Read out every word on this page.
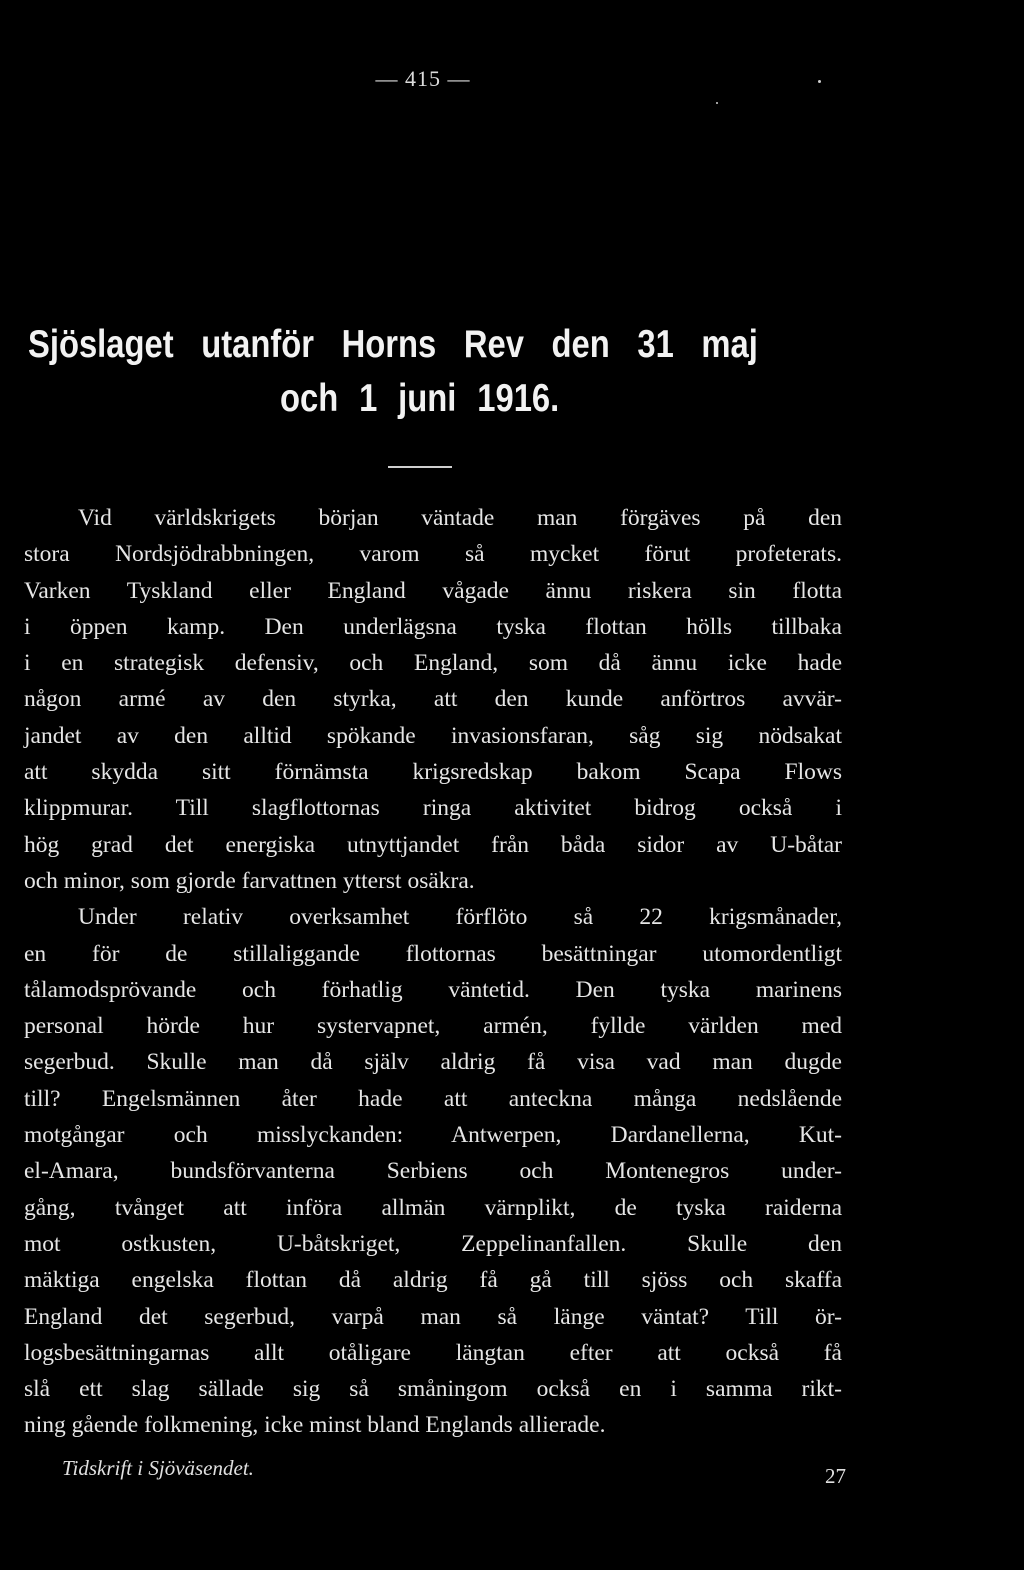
— 415 —
Sjöslaget utanför Horns Rev den 31 maj
och 1 juni 1916.
Vid världskrigets början väntade man förgäves på den
stora Nordsjödrabbningen, varom så mycket förut profeterats.
Varken Tyskland eller England vågade ännu riskera sin flotta
i öppen kamp. Den underlägsna tyska flottan hölls tillbaka
i en strategisk defensiv, och England, som då ännu icke hade
någon armé av den styrka, att den kunde anförtros avvär-
jandet av den alltid spökande invasionsfaran, såg sig nödsakat
att skydda sitt förnämsta krigsredskap bakom Scapa Flows
klippmurar. Till slagflottornas ringa aktivitet bidrog också i
hög grad det energiska utnyttjandet från båda sidor av U-båtar
och minor, som gjorde farvattnen ytterst osäkra.
Under relativ overksamhet förflöto så 22 krigsmånader,
en för de stillaliggande flottornas besättningar utomordentligt
tålamodsprövande och förhatlig väntetid. Den tyska marinens
personal hörde hur systervapnet, armén, fyllde världen med
segerbud. Skulle man då själv aldrig få visa vad man dugde
till? Engelsmännen åter hade att anteckna många nedslående
motgångar och misslyckanden: Antwerpen, Dardanellerna, Kut-
el-Amara, bundsförvanterna Serbiens och Montenegros under-
gång, tvånget att införa allmän värnplikt, de tyska raiderna
mot ostkusten, U-båtskriget, Zeppelinanfallen. Skulle den
mäktiga engelska flottan då aldrig få gå till sjöss och skaffa
England det segerbud, varpå man så länge väntat? Till ör-
logsbesättningarnas allt otåligare längtan efter att också få
slå ett slag sällade sig så småningom också en i samma rikt-
ning gående folkmening, icke minst bland Englands allierade.
Tidskrift i Sjöväsendet.	27
